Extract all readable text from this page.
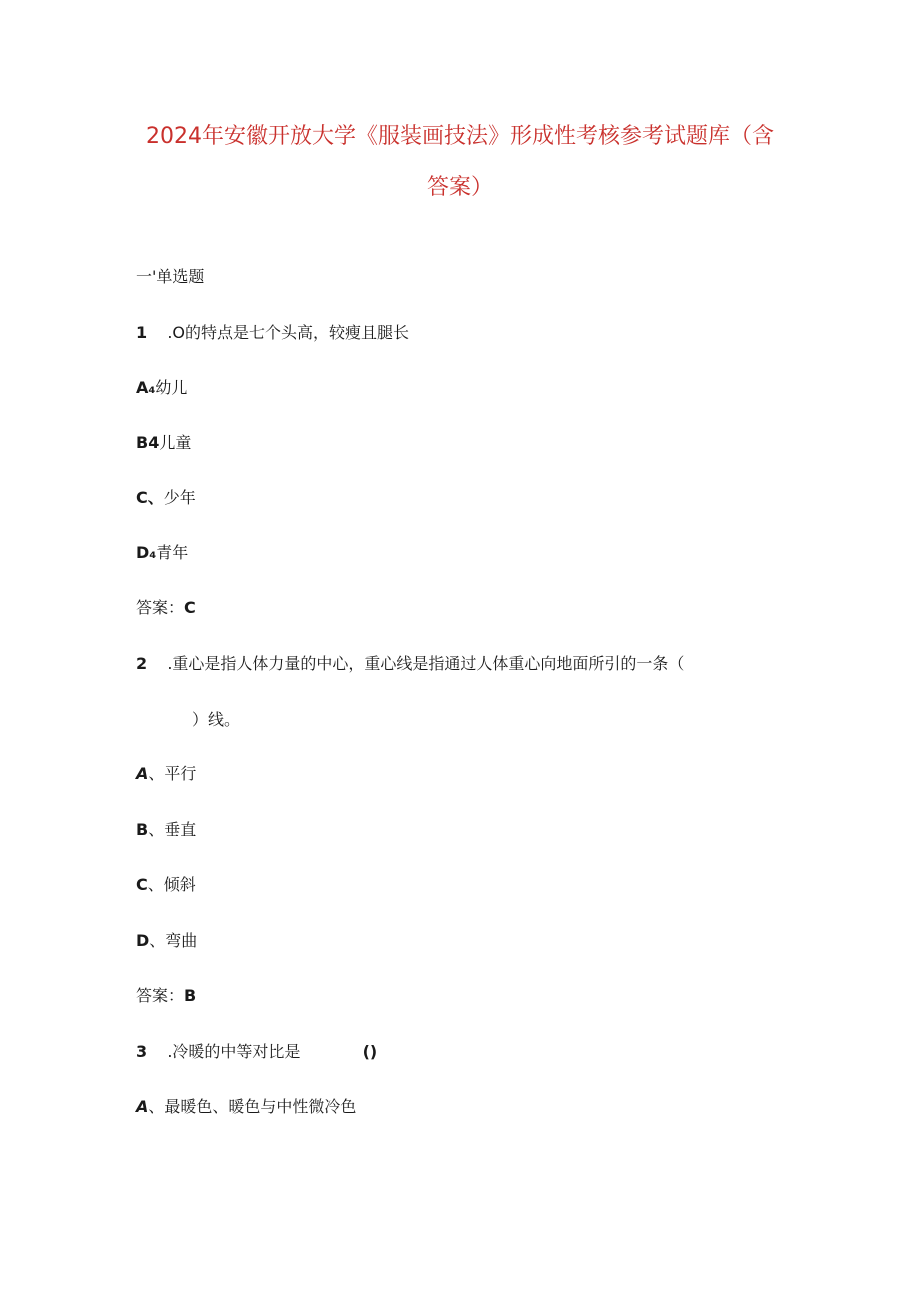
2024年安徽开放大学《服装画技法》形成性考核参考试题库（含
答案）
一'单选题
1 .O的特点是七个头高，较瘦且腿长
A₄幼儿
B4儿童
C、少年
D₄青年
答案：C
2 .重心是指人体力量的中心，重心线是指通过人体重心向地面所引的一条（
）线。
A、平行
B、垂直
C、倾斜
D、弯曲
答案：B
3 .冷暖的中等对比是	()
A、最暖色、暖色与中性微冷色
